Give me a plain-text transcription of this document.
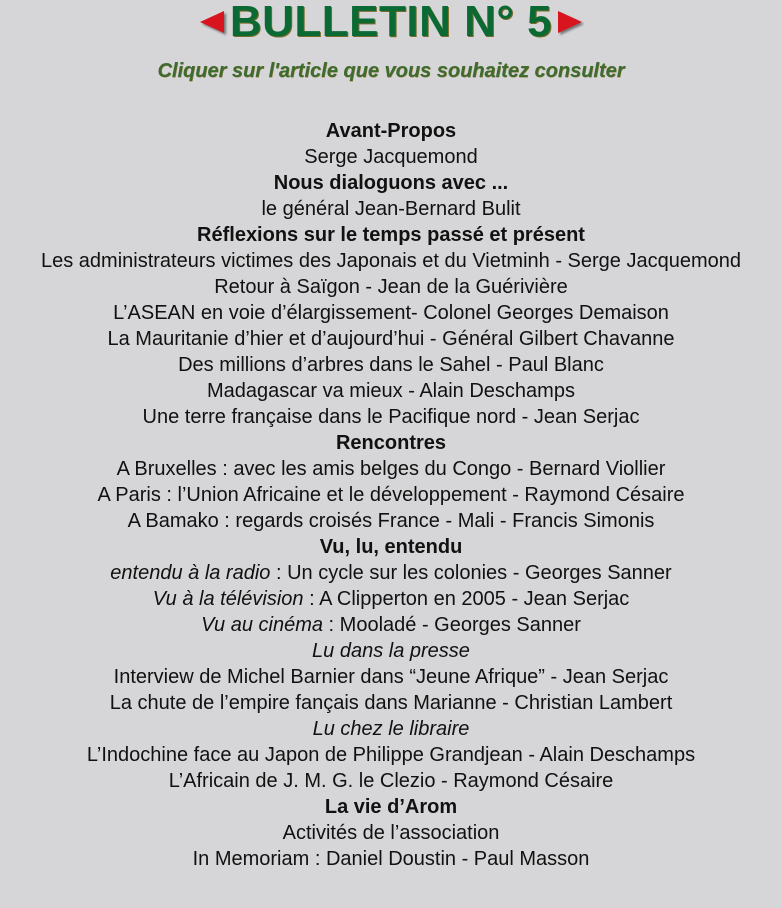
BULLETIN N° 5
Cliquer sur l'article que vous souhaitez consulter
Avant-Propos
Serge Jacquemond
Nous dialoguons avec ...
le général Jean-Bernard Bulit
Réflexions sur le temps passé et présent
Les administrateurs victimes des Japonais et du Vietminh - Serge Jacquemond
Retour à Saïgon - Jean de la Guérivière
L’ASEAN en voie d’élargissement- Colonel Georges Demaison
La Mauritanie d’hier et d’aujourd’hui - Général Gilbert Chavanne
Des millions d’arbres dans le Sahel - Paul Blanc
Madagascar va mieux - Alain Deschamps
Une terre française dans le Pacifique nord - Jean Serjac
Rencontres
A Bruxelles : avec les amis belges du Congo - Bernard Viollier
A Paris : l’Union Africaine et le développement - Raymond Césaire
A Bamako : regards croisés France - Mali - Francis Simonis
Vu, lu, entendu
entendu à la radio : Un cycle sur les colonies - Georges Sanner
Vu à la télévision : A Clipperton en 2005 - Jean Serjac
Vu au cinéma : Mooladé - Georges Sanner
Lu dans la presse
Interview de Michel Barnier dans “Jeune Afrique” - Jean Serjac
La chute de l’empire fançais dans Marianne - Christian Lambert
Lu chez le libraire
L’Indochine face au Japon de Philippe Grandjean - Alain Deschamps
L’Africain de J. M. G. le Clezio - Raymond Césaire
La vie d’Arom
Activités de l’association
In Memoriam : Daniel Doustin - Paul Masson
